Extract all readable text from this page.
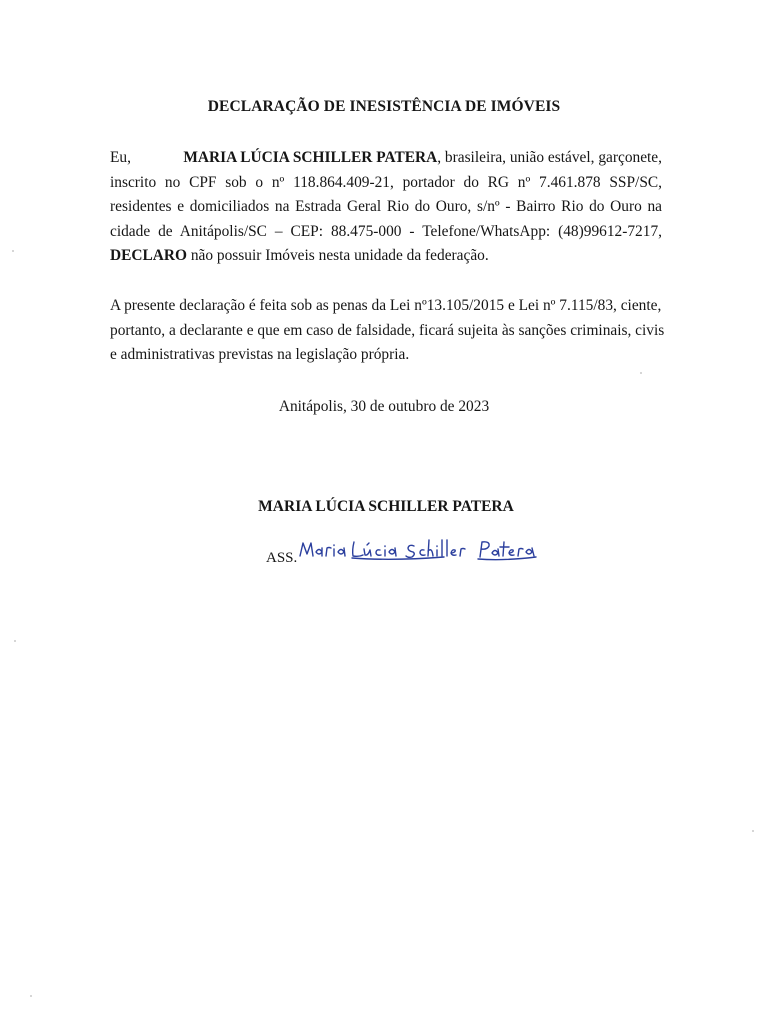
DECLARAÇÃO DE INESISTÊNCIA DE IMÓVEIS
Eu,	MARIA LÚCIA SCHILLER PATERA, brasileira, união estável, garçonete,
inscrito no CPF sob o nº 118.864.409-21, portador do RG nº 7.461.878 SSP/SC,
residentes e domiciliados na Estrada Geral Rio do Ouro, s/nº - Bairro Rio do Ouro na
cidade de Anitápolis/SC – CEP: 88.475-000 - Telefone/WhatsApp: (48)99612-7217,
DECLARO não possuir Imóveis nesta unidade da federação.
A presente declaração é feita sob as penas da Lei nº13.105/2015 e Lei nº 7.115/83, ciente,
portanto, a declarante e que em caso de falsidade, ficará sujeita às sanções criminais, civis
e administrativas previstas na legislação própria.
Anitápolis, 30 de outubro de 2023
MARIA LÚCIA SCHILLER PATERA
ASS.
